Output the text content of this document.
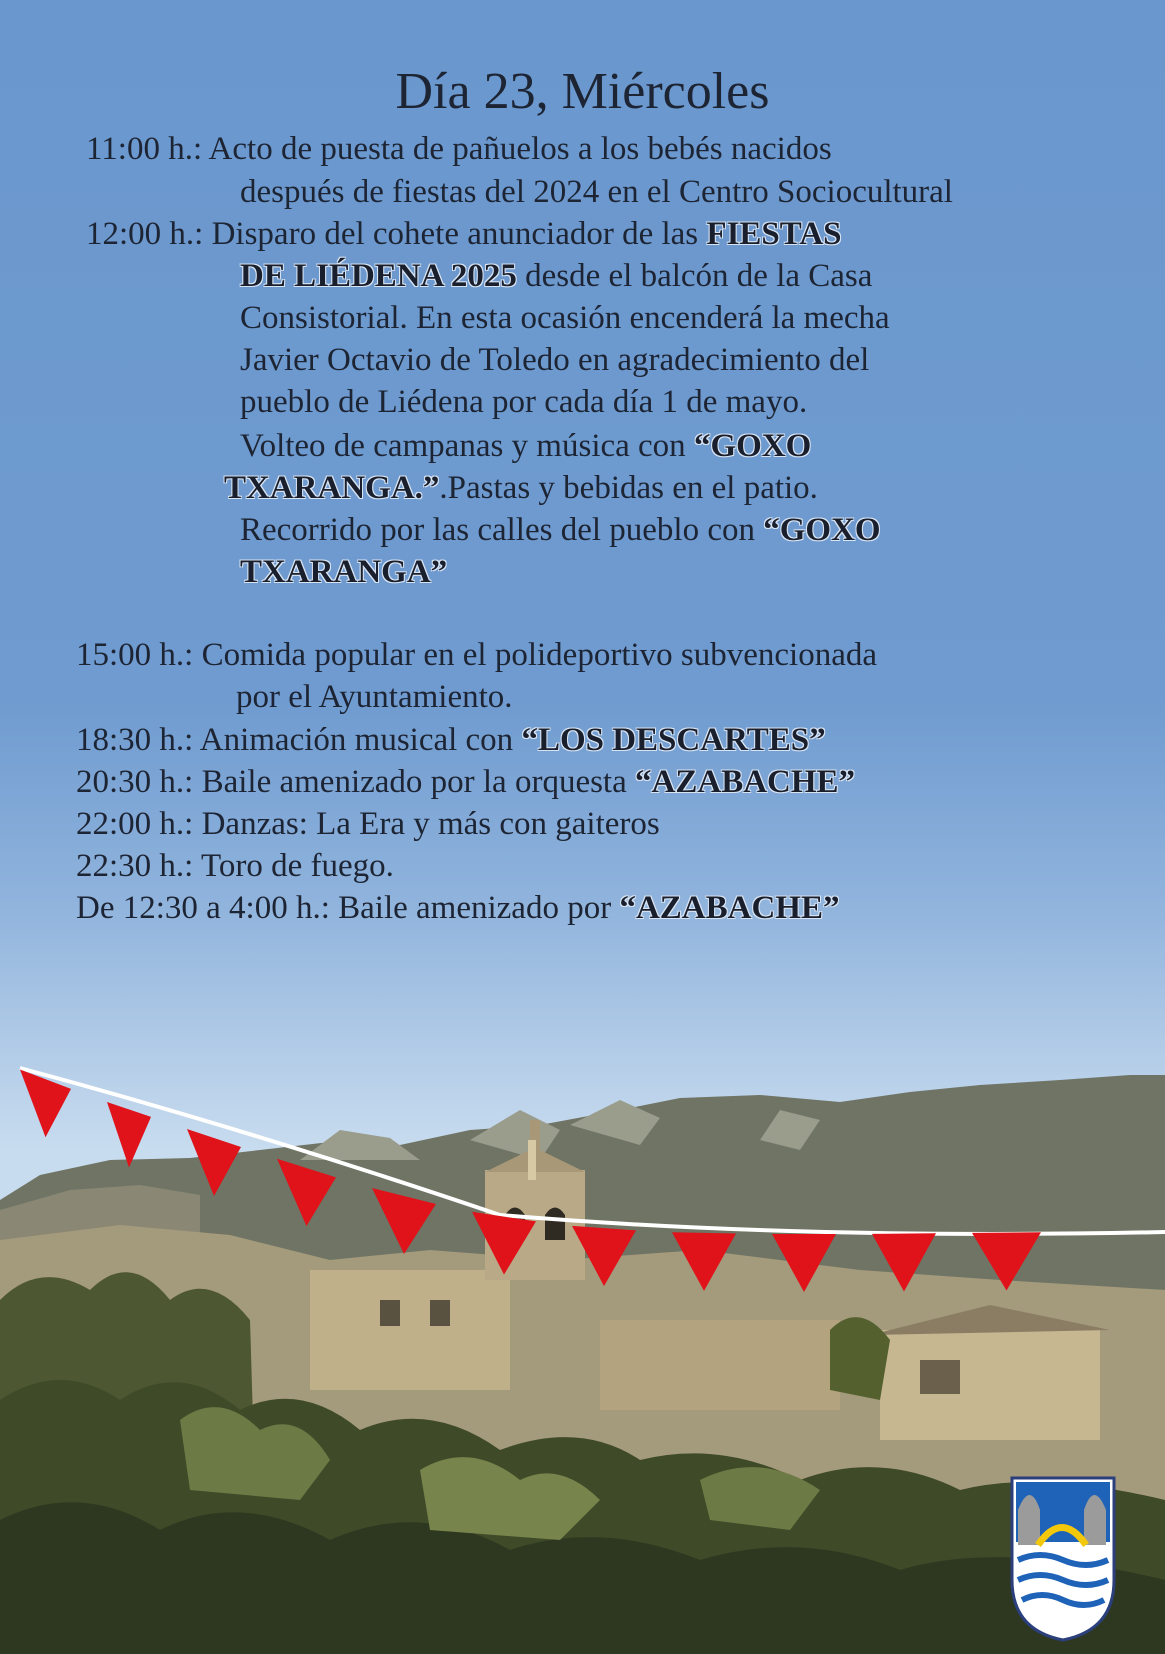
Día 23, Miércoles
11:00 h.: Acto de puesta de pañuelos a los bebés nacidos
después de fiestas del 2024 en el Centro Sociocultural
12:00 h.: Disparo del cohete anunciador de las FIESTAS
DE LIÉDENA 2025 desde el balcón de la Casa
Consistorial. En esta ocasión encenderá la mecha
Javier Octavio de Toledo en agradecimiento del
pueblo de Liédena por cada día 1 de mayo.
Volteo de campanas y música con “GOXO
TXARANGA.”.Pastas y bebidas en el patio.
Recorrido por las calles del pueblo con “GOXO
TXARANGA”
15:00 h.: Comida popular en el polideportivo subvencionada
por el Ayuntamiento.
18:30 h.: Animación musical con “LOS DESCARTES”
20:30 h.: Baile amenizado por la orquesta “AZABACHE”
22:00 h.: Danzas: La Era y más con gaiteros
22:30 h.: Toro de fuego.
De 12:30 a 4:00 h.: Baile amenizado por “AZABACHE”
